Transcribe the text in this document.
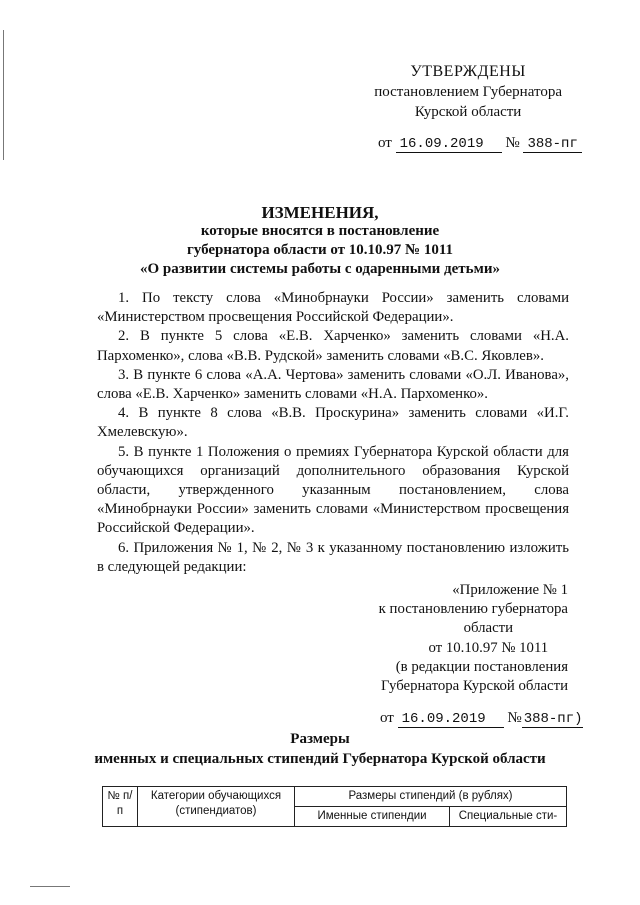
УТВЕРЖДЕНЫ
постановлением Губернатора
Курской области
от 16.09.2019 № 388-пг
ИЗМЕНЕНИЯ,
которые вносятся в постановление
губернатора области от 10.10.97 № 1011
«О развитии системы работы с одаренными детьми»

1. По тексту слова «Минобрнауки России» заменить словами «Министерством просвещения Российской Федерации».

2. В пункте 5 слова «Е.В. Харченко» заменить словами «Н.А. Пархоменко», слова «В.В. Рудской» заменить словами «В.С. Яковлев».

3. В пункте 6 слова «А.А. Чертова» заменить словами «О.Л. Иванова», слова «Е.В. Харченко» заменить словами «Н.А. Пархоменко».

4. В пункте 8 слова «В.В. Проскурина» заменить словами «И.Г. Хмелевскую».

5. В пункте 1 Положения о премиях Губернатора Курской области для обучающихся организаций дополнительного образования Курской области, утвержденного указанным постановлением, слова «Минобрнауки России» заменить словами «Министерством просвещения Российской Федерации».

6. Приложения № 1, № 2, № 3 к указанному постановлению изложить в следующей редакции:

«Приложение № 1
к постановлению губернатора
области
от 10.10.97 № 1011
(в редакции постановления
Губернатора Курской области
от 16.09.2019 № 388-пг)
Размеры
именных и специальных стипендий Губернатора Курской области
№ п/п	Категории обучающихся (стипендиатов)	Размеры стипендий (в рублях)	
		Именные стипендии	Специальные сти-
